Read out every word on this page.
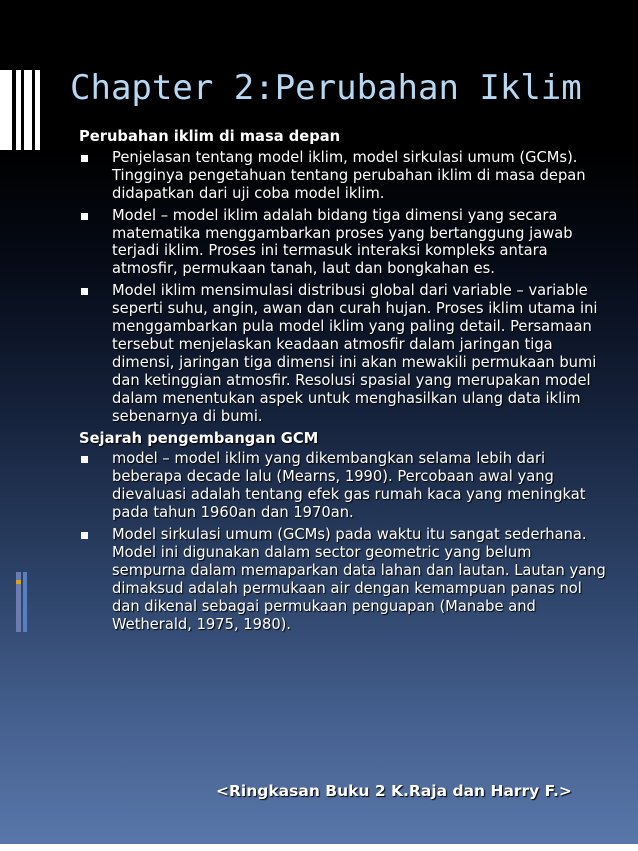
Chapter 2:Perubahan Iklim
Perubahan iklim di masa depan
Penjelasan tentang model iklim, model sirkulasi umum (GCMs). Tingginya pengetahuan tentang perubahan iklim di masa depan didapatkan dari uji coba model iklim.
Model – model iklim adalah bidang tiga dimensi yang secara matematika menggambarkan proses yang bertanggung jawab terjadi iklim. Proses ini termasuk interaksi kompleks antara atmosfir, permukaan tanah, laut dan bongkahan es.
Model iklim mensimulasi distribusi global dari variable – variable seperti suhu, angin, awan dan curah hujan. Proses iklim utama ini menggambarkan pula model iklim yang paling detail. Persamaan tersebut menjelaskan keadaan atmosfir dalam jaringan tiga dimensi, jaringan tiga dimensi ini akan mewakili permukaan bumi dan ketinggian atmosfir. Resolusi spasial yang merupakan model dalam menentukan aspek untuk menghasilkan ulang data iklim sebenarnya di bumi.
Sejarah pengembangan GCM
model – model iklim yang dikembangkan selama lebih dari beberapa decade lalu (Mearns, 1990). Percobaan awal yang dievaluasi adalah tentang efek gas rumah kaca yang meningkat pada tahun 1960an dan 1970an.
Model sirkulasi umum (GCMs) pada waktu itu sangat sederhana. Model ini digunakan dalam sector geometric yang belum sempurna dalam memaparkan data lahan dan lautan. Lautan yang dimaksud adalah permukaan air dengan kemampuan panas nol dan dikenal sebagai permukaan penguapan (Manabe and Wetherald, 1975, 1980).
<Ringkasan Buku 2 K.Raja dan Harry F.>
